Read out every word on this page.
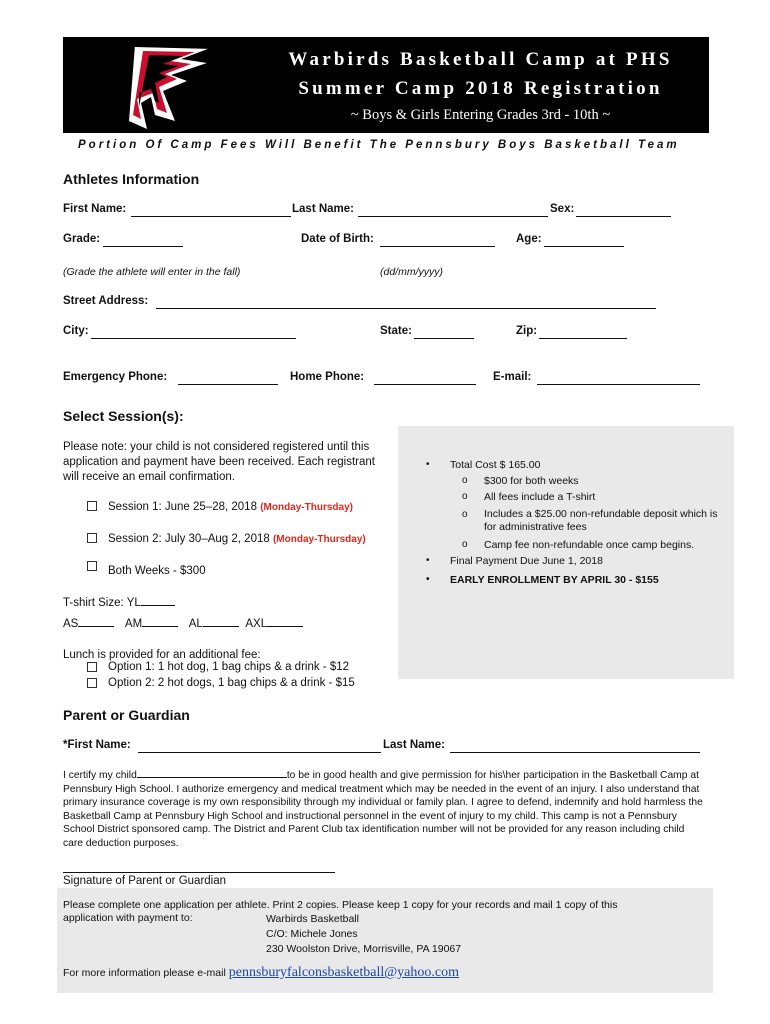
Warbirds Basketball Camp at PHS
Summer Camp 2018 Registration
~ Boys & Girls Entering Grades 3rd - 10th ~
Portion Of Camp Fees Will Benefit The Pennsbury Boys Basketball Team
Athletes Information
First Name:	Last Name:	Sex:
Grade:	Date of Birth:	Age:
(Grade the athlete will enter in the fall)	(dd/mm/yyyy)
Street Address:
City:	State:	Zip:
Emergency Phone:	Home Phone:	E-mail:
Select Session(s):
Please note: your child is not considered registered until this application and payment have been received. Each registrant will receive an email confirmation.
Session 1: June 25–28, 2018 (Monday-Thursday)
Session 2: July 30–Aug 2, 2018 (Monday-Thursday)
Both Weeks - $300
T-shirt Size: YL
AS	AM	AL	AXL
Lunch is provided for an additional fee:
Option 1: 1 hot dog, 1 bag chips & a drink - $12
Option 2: 2 hot dogs, 1 bag chips & a drink - $15
• Total Cost $ 165.00
o $300 for both weeks
o All fees include a T-shirt
o Includes a $25.00 non-refundable deposit which is for administrative fees
o Camp fee non-refundable once camp begins.
• Final Payment Due June 1, 2018
• EARLY ENROLLMENT BY APRIL 30 - $155
Parent or Guardian
*First Name:	Last Name:
I certify my child	to be in good health and give permission for his\her participation in the Basketball Camp at Pennsbury High School. I authorize emergency and medical treatment which may be needed in the event of an injury. I also understand that primary insurance coverage is my own responsibility through my individual or family plan. I agree to defend, indemnify and hold harmless the Basketball Camp at Pennsbury High School and instructional personnel in the event of injury to my child. This camp is not a Pennsbury School District sponsored camp. The District and Parent Club tax identification number will not be provided for any reason including child care deduction purposes.
Signature of Parent or Guardian
Please complete one application per athlete. Print 2 copies. Please keep 1 copy for your records and mail 1 copy of this
application with payment to:	Warbirds Basketball
C/O: Michele Jones
230 Woolston Drive, Morrisville, PA 19067
For more information please e-mail pennsburyfalconsbasketball@yahoo.com
